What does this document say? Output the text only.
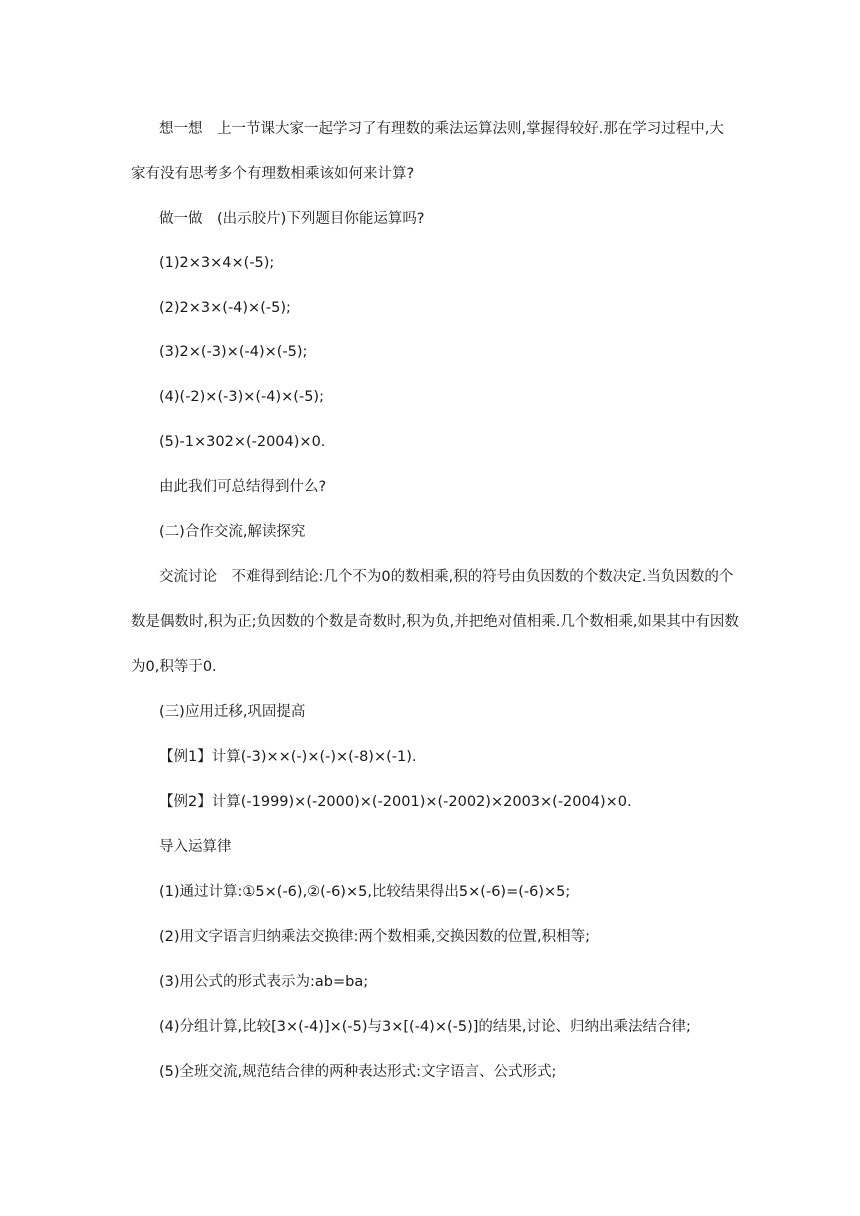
想一想　上一节课大家一起学习了有理数的乘法运算法则,掌握得较好.那在学习过程中,大
家有没有思考多个有理数相乘该如何来计算?
做一做　(出示胶片)下列题目你能运算吗?
(1)2×3×4×(-5);
(2)2×3×(-4)×(-5);
(3)2×(-3)×(-4)×(-5);
(4)(-2)×(-3)×(-4)×(-5);
(5)-1×302×(-2004)×0.
由此我们可总结得到什么?
(二)合作交流,解读探究
交流讨论　不难得到结论:几个不为0的数相乘,积的符号由负因数的个数决定.当负因数的个
数是偶数时,积为正;负因数的个数是奇数时,积为负,并把绝对值相乘.几个数相乘,如果其中有因数
为0,积等于0.
(三)应用迁移,巩固提高
【例1】计算(-3)××(-)×(-)×(-8)×(-1).
【例2】计算(-1999)×(-2000)×(-2001)×(-2002)×2003×(-2004)×0.
导入运算律
(1)通过计算:①5×(-6),②(-6)×5,比较结果得出5×(-6)=(-6)×5;
(2)用文字语言归纳乘法交换律:两个数相乘,交换因数的位置,积相等;
(3)用公式的形式表示为:ab=ba;
(4)分组计算,比较[3×(-4)]×(-5)与3×[(-4)×(-5)]的结果,讨论、归纳出乘法结合律;
(5)全班交流,规范结合律的两种表达形式:文字语言、公式形式;
